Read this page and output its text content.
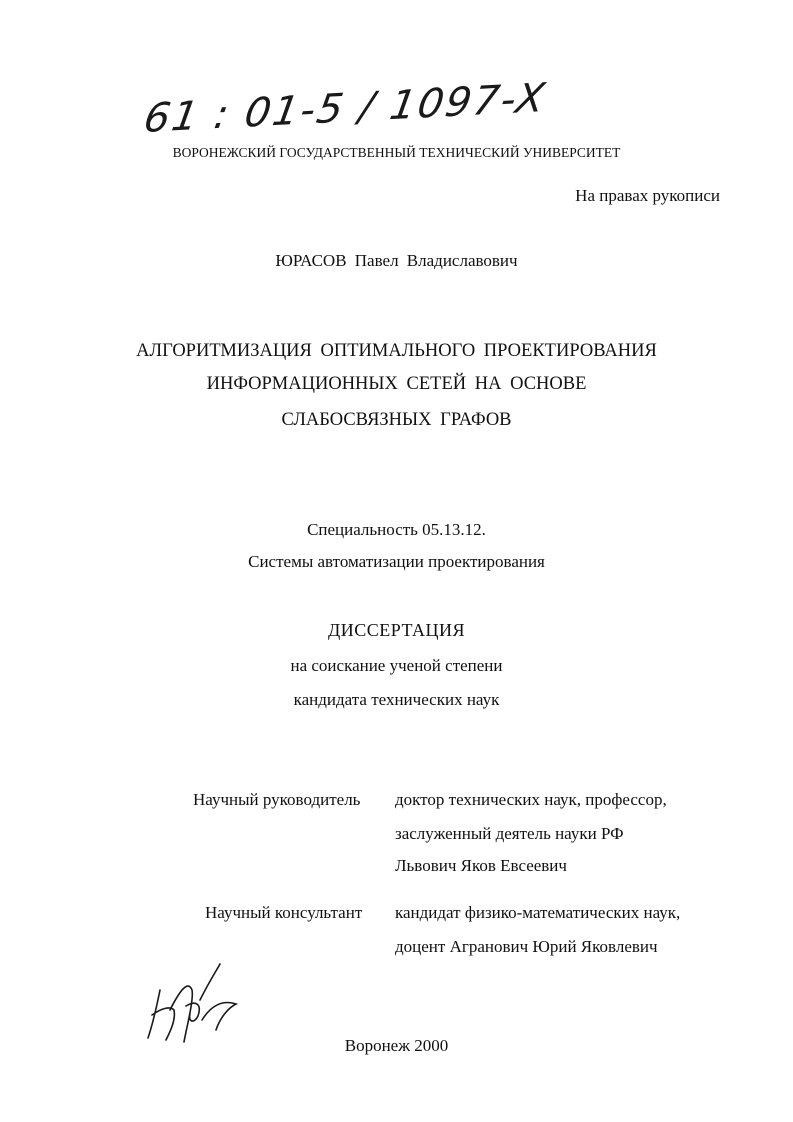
61 : 01-5 / 1097-X
ВОРОНЕЖСКИЙ ГОСУДАРСТВЕННЫЙ ТЕХНИЧЕСКИЙ УНИВЕРСИТЕТ
На правах рукописи
ЮРАСОВ Павел Владиславович
АЛГОРИТМИЗАЦИЯ ОПТИМАЛЬНОГО ПРОЕКТИРОВАНИЯ
ИНФОРМАЦИОННЫХ СЕТЕЙ НА ОСНОВЕ
СЛАБОСВЯЗНЫХ ГРАФОВ
Специальность 05.13.12.
Системы автоматизации проектирования
ДИССЕРТАЦИЯ
на соискание ученой степени
кандидата технических наук
Научный руководитель доктор технических наук, профессор,
заслуженный деятель науки РФ
Львович Яков Евсеевич
Научный консультант кандидат физико-математических наук,
доцент Агранович Юрий Яковлевич
Воронеж 2000
